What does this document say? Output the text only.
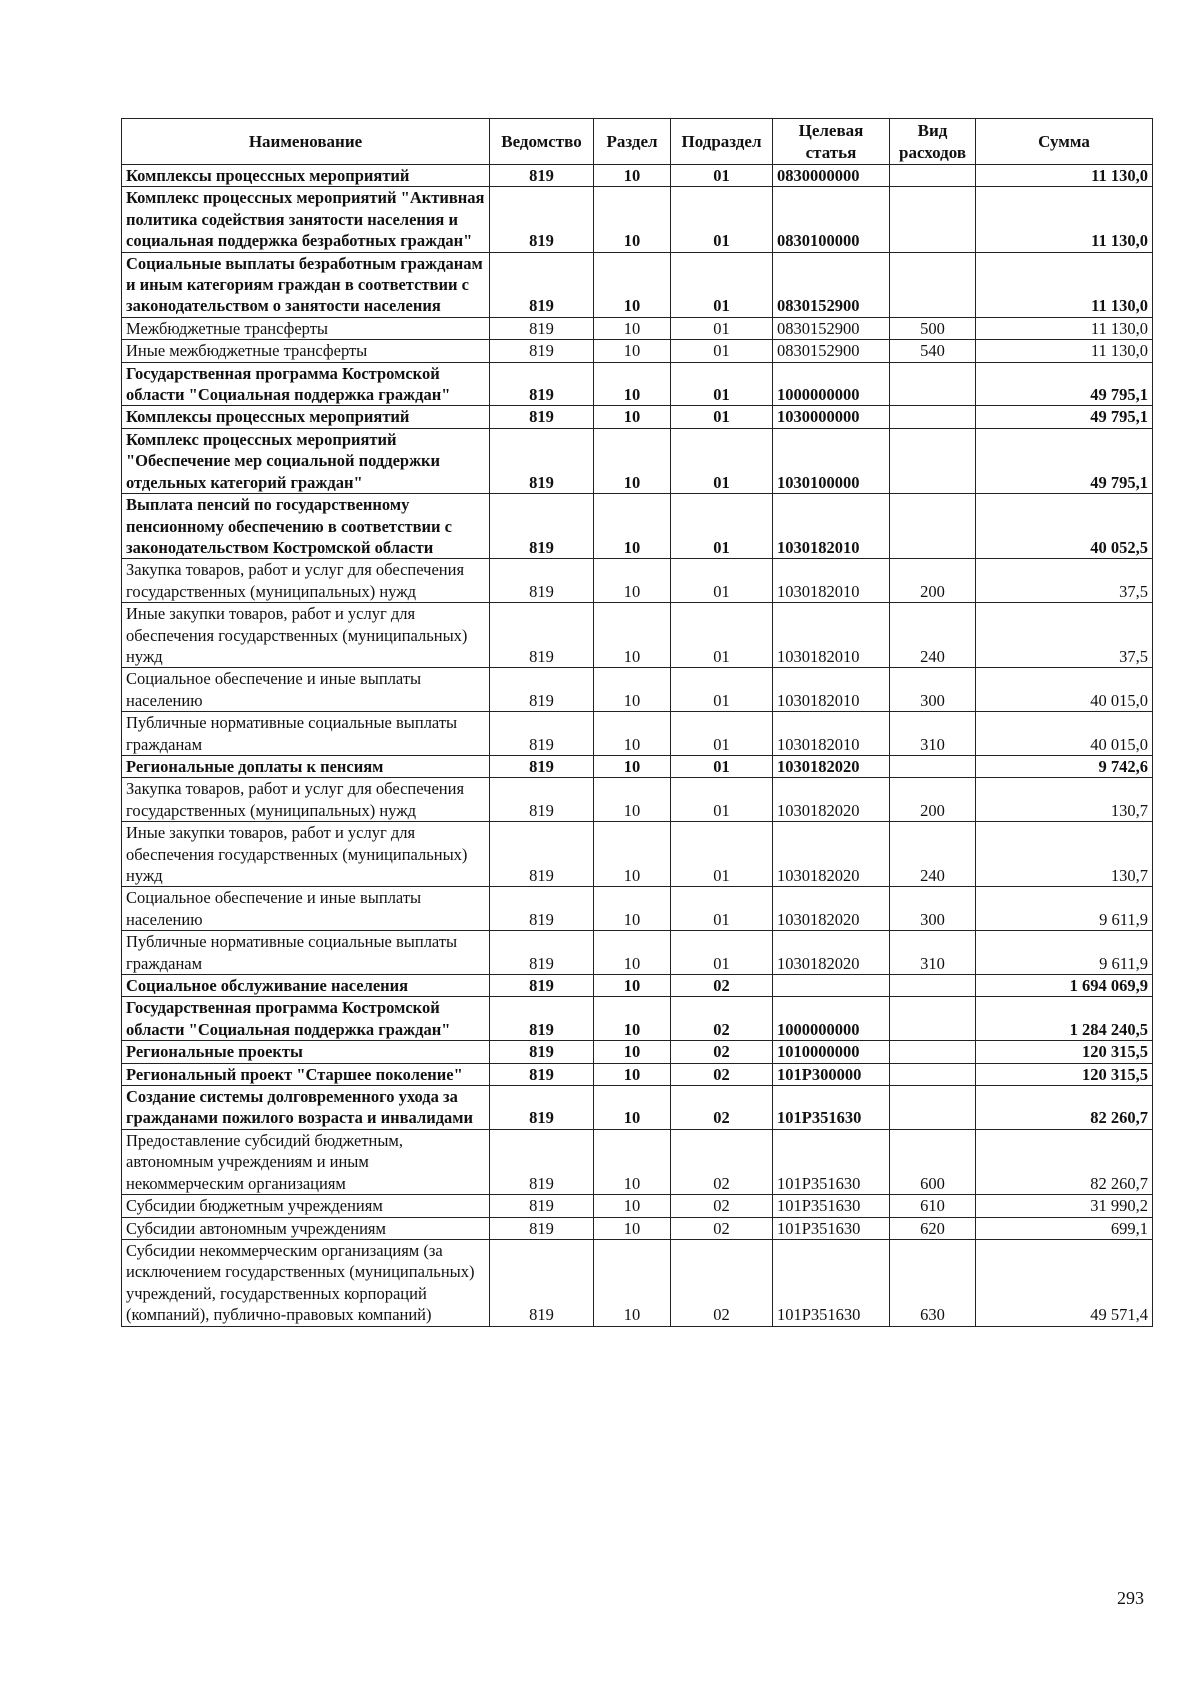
Наименование	Ведомство	Раздел	Подраздел	Целевая статья	Вид расходов	Сумма
Комплексы процессных мероприятий	819	10	01	0830000000		11 130,0
Комплекс процессных мероприятий "Активная политика содействия занятости населения и социальная поддержка безработных граждан"	819	10	01	0830100000		11 130,0
Социальные выплаты безработным гражданам и иным категориям граждан в соответствии с законодательством о занятости населения	819	10	01	0830152900		11 130,0
Межбюджетные трансферты	819	10	01	0830152900	500	11 130,0
Иные межбюджетные трансферты	819	10	01	0830152900	540	11 130,0
Государственная программа Костромской области "Социальная поддержка граждан"	819	10	01	1000000000		49 795,1
Комплексы процессных мероприятий	819	10	01	1030000000		49 795,1
Комплекс процессных мероприятий "Обеспечение мер социальной поддержки отдельных категорий граждан"	819	10	01	1030100000		49 795,1
Выплата пенсий по государственному пенсионному обеспечению в соответствии с законодательством Костромской области	819	10	01	1030182010		40 052,5
Закупка товаров, работ и услуг для обеспечения государственных (муниципальных) нужд	819	10	01	1030182010	200	37,5
Иные закупки товаров, работ и услуг для обеспечения государственных (муниципальных) нужд	819	10	01	1030182010	240	37,5
Социальное обеспечение и иные выплаты населению	819	10	01	1030182010	300	40 015,0
Публичные нормативные социальные выплаты гражданам	819	10	01	1030182010	310	40 015,0
Региональные доплаты к пенсиям	819	10	01	1030182020		9 742,6
Закупка товаров, работ и услуг для обеспечения государственных (муниципальных) нужд	819	10	01	1030182020	200	130,7
Иные закупки товаров, работ и услуг для обеспечения государственных (муниципальных) нужд	819	10	01	1030182020	240	130,7
Социальное обеспечение и иные выплаты населению	819	10	01	1030182020	300	9 611,9
Публичные нормативные социальные выплаты гражданам	819	10	01	1030182020	310	9 611,9
Социальное обслуживание населения	819	10	02			1 694 069,9
Государственная программа Костромской области "Социальная поддержка граждан"	819	10	02	1000000000		1 284 240,5
Региональные проекты	819	10	02	1010000000		120 315,5
Региональный проект "Старшее поколение"	819	10	02	101P300000		120 315,5
Создание системы долговременного ухода за гражданами пожилого возраста и инвалидами	819	10	02	101P351630		82 260,7
Предоставление субсидий бюджетным, автономным учреждениям и иным некоммерческим организациям	819	10	02	101P351630	600	82 260,7
Субсидии бюджетным учреждениям	819	10	02	101P351630	610	31 990,2
Субсидии автономным учреждениям	819	10	02	101P351630	620	699,1
Субсидии некоммерческим организациям (за исключением государственных (муниципальных) учреждений, государственных корпораций (компаний), публично-правовых компаний)	819	10	02	101P351630	630	49 571,4
293
